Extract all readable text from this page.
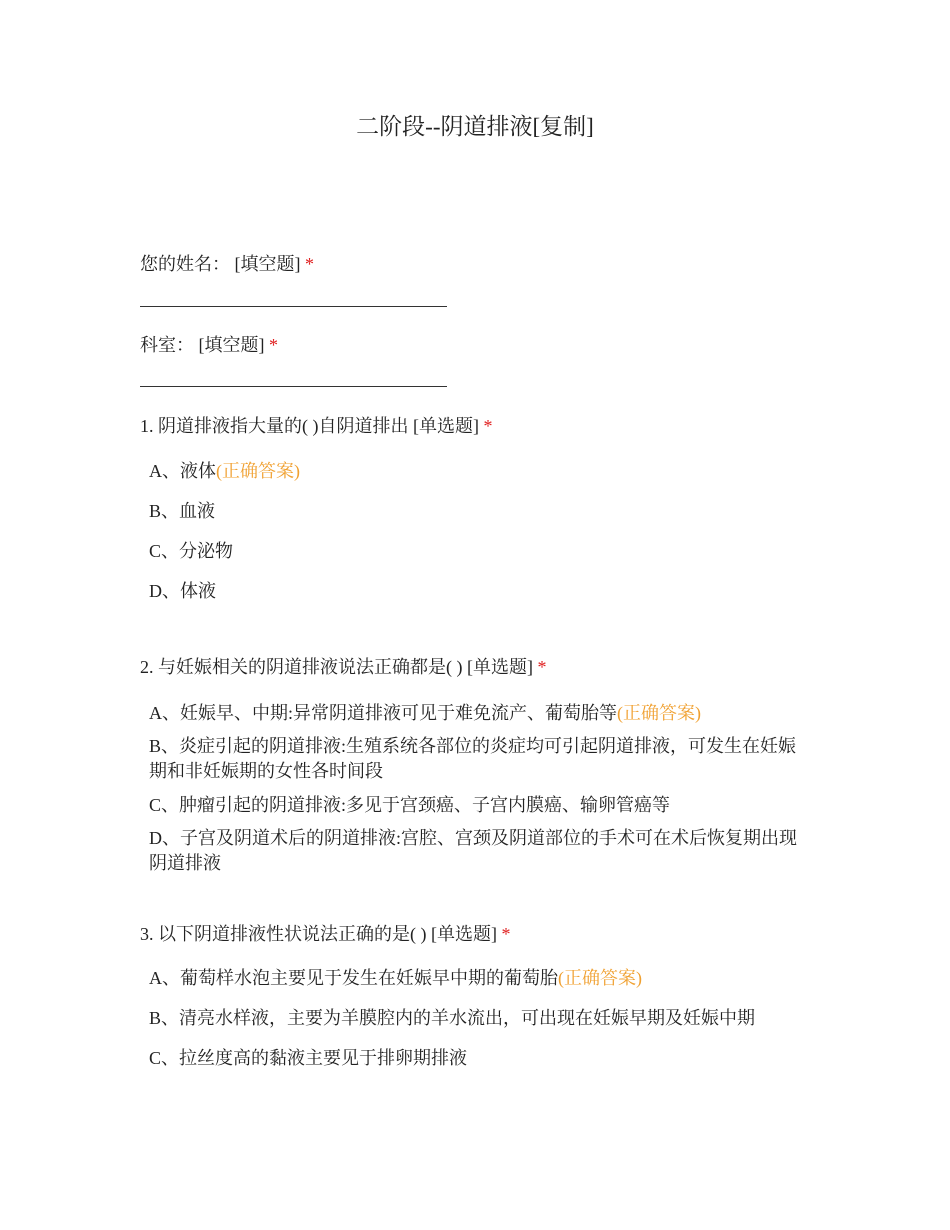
二阶段--阴道排液[复制]
您的姓名： [填空题] *
科室： [填空题] *
1. 阴道排液指大量的( )自阴道排出 [单选题] *
A、液体(正确答案)
B、血液
C、分泌物
D、体液
2. 与妊娠相关的阴道排液说法正确都是( ) [单选题] *
A、妊娠早、中期:异常阴道排液可见于难免流产、葡萄胎等(正确答案)
B、炎症引起的阴道排液:生殖系统各部位的炎症均可引起阴道排液，可发生在妊娠期和非妊娠期的女性各时间段
C、肿瘤引起的阴道排液:多见于宫颈癌、子宫内膜癌、输卵管癌等
D、子宫及阴道术后的阴道排液:宫腔、宫颈及阴道部位的手术可在术后恢复期出现阴道排液
3. 以下阴道排液性状说法正确的是( ) [单选题] *
A、葡萄样水泡主要见于发生在妊娠早中期的葡萄胎(正确答案)
B、清亮水样液，主要为羊膜腔内的羊水流出，可出现在妊娠早期及妊娠中期
C、拉丝度高的黏液主要见于排卵期排液
